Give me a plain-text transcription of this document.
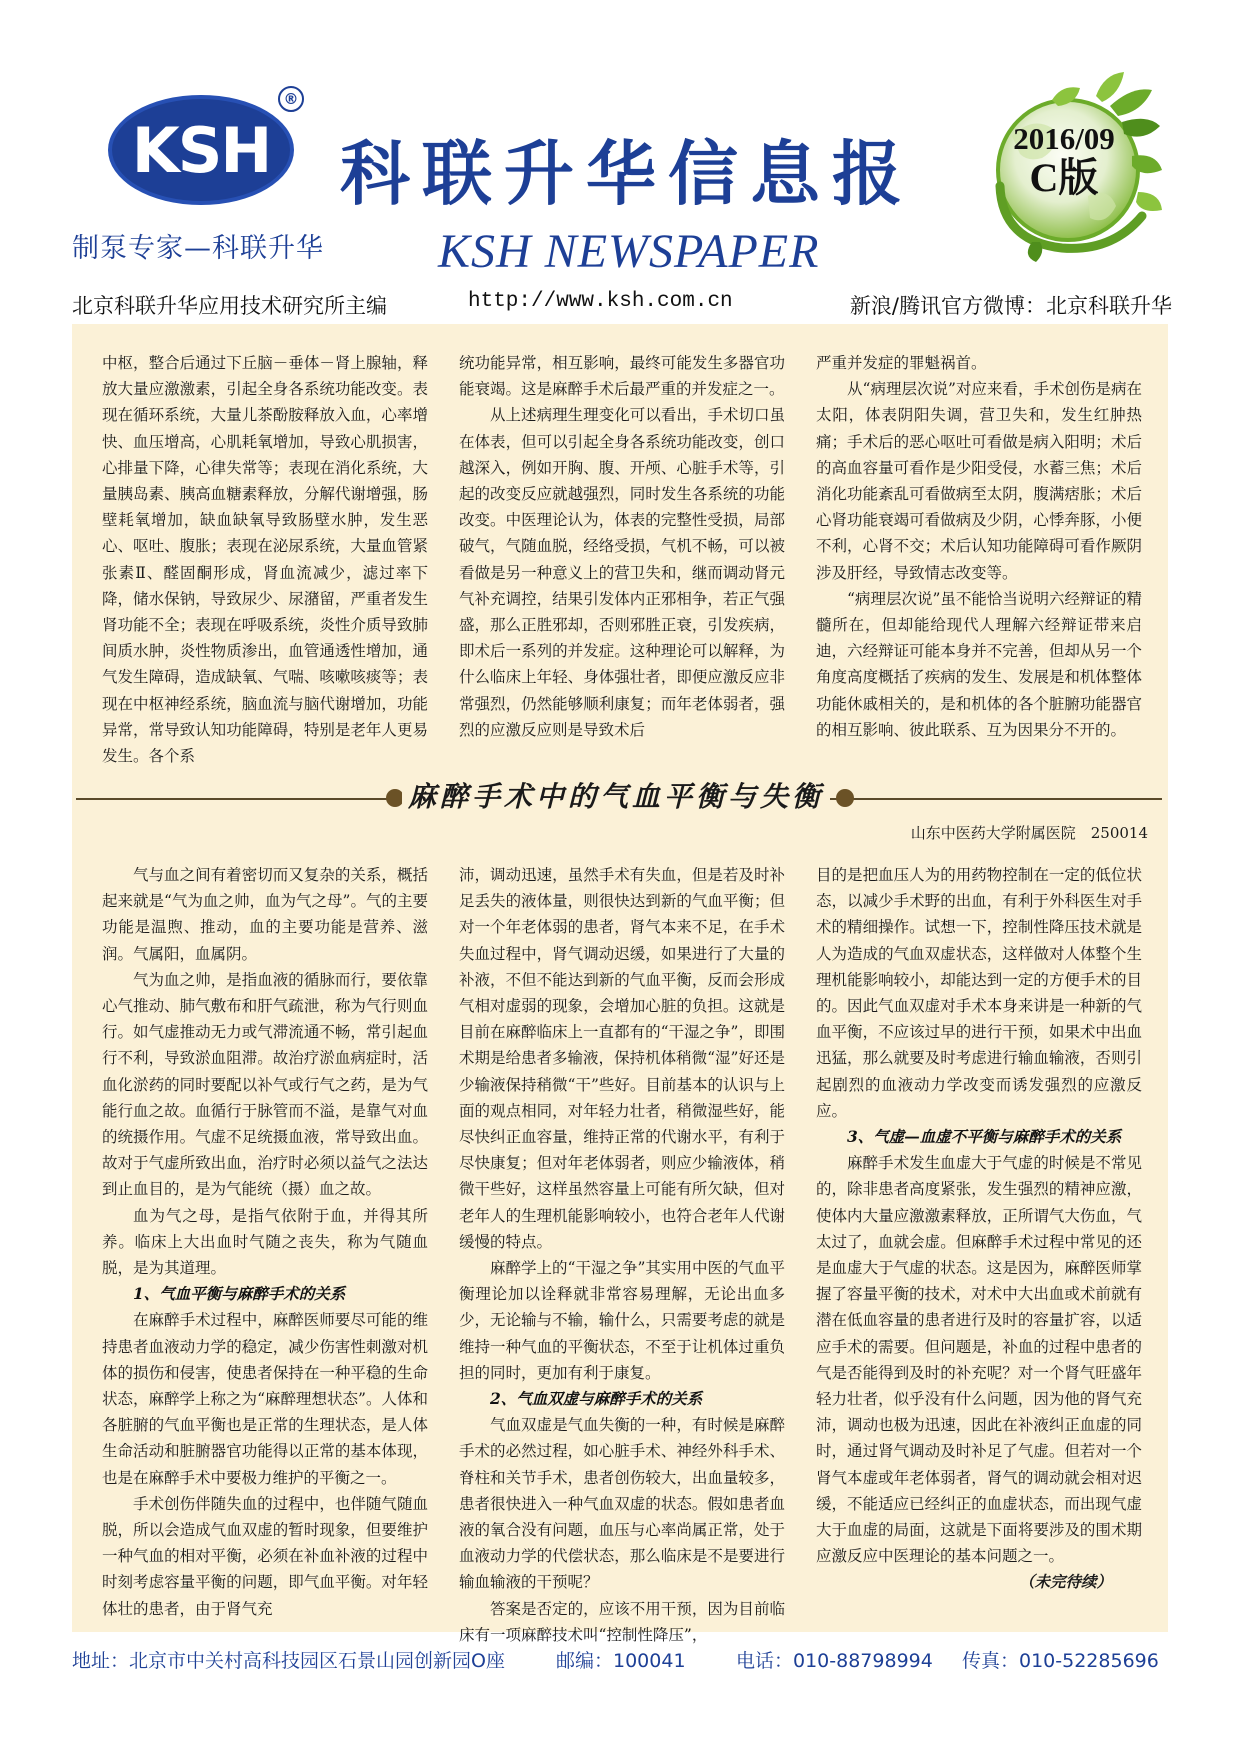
KSH
®
制泵专家—科联升华
科联升华信息报
KSH NEWSPAPER
2016/09
C版
北京科联升华应用技术研究所主编	http://www.ksh.com.cn	新浪/腾讯官方微博：北京科联升华

中枢，整合后通过下丘脑－垂体－肾上腺轴，释放大量应激激素，引起全身各系统功能改变。表现在循环系统，大量儿茶酚胺释放入血，心率增快、血压增高，心肌耗氧增加，导致心肌损害，心排量下降，心律失常等；表现在消化系统，大量胰岛素、胰高血糖素释放，分解代谢增强，肠壁耗氧增加，缺血缺氧导致肠壁水肿，发生恶心、呕吐、腹胀；表现在泌尿系统，大量血管紧张素Ⅱ、醛固酮形成，肾血流减少，滤过率下降，储水保钠，导致尿少、尿潴留，严重者发生肾功能不全；表现在呼吸系统，炎性介质导致肺间质水肿，炎性物质渗出，血管通透性增加，通气发生障碍，造成缺氧、气喘、咳嗽咳痰等；表现在中枢神经系统，脑血流与脑代谢增加，功能异常，常导致认知功能障碍，特别是老年人更易发生。各个系

统功能异常，相互影响，最终可能发生多器官功能衰竭。这是麻醉手术后最严重的并发症之一。

从上述病理生理变化可以看出，手术切口虽在体表，但可以引起全身各系统功能改变，创口越深入，例如开胸、腹、开颅、心脏手术等，引起的改变反应就越强烈，同时发生各系统的功能改变。中医理论认为，体表的完整性受损，局部破气，气随血脱，经络受损，气机不畅，可以被看做是另一种意义上的营卫失和，继而调动肾元气补充调控，结果引发体内正邪相争，若正气强盛，那么正胜邪却，否则邪胜正衰，引发疾病，即术后一系列的并发症。这种理论可以解释，为什么临床上年轻、身体强壮者，即便应激反应非常强烈，仍然能够顺利康复；而年老体弱者，强烈的应激反应则是导致术后

严重并发症的罪魁祸首。

从“病理层次说”对应来看，手术创伤是病在太阳，体表阴阳失调，营卫失和，发生红肿热痛；手术后的恶心呕吐可看做是病入阳明；术后的高血容量可看作是少阳受侵，水蓄三焦；术后消化功能紊乱可看做病至太阴，腹满痞胀；术后心肾功能衰竭可看做病及少阴，心悸奔豚，小便不利，心肾不交；术后认知功能障碍可看作厥阴涉及肝经，导致情志改变等。

“病理层次说”虽不能恰当说明六经辩证的精髓所在，但却能给现代人理解六经辩证带来启迪，六经辩证可能本身并不完善，但却从另一个角度高度概括了疾病的发生、发展是和机体整体功能休戚相关的，是和机体的各个脏腑功能器官的相互影响、彼此联系、互为因果分不开的。

麻醉手术中的气血平衡与失衡
山东中医药大学附属医院　250014

气与血之间有着密切而又复杂的关系，概括起来就是“气为血之帅，血为气之母”。气的主要功能是温煦、推动，血的主要功能是营养、滋润。气属阳，血属阴。

气为血之帅，是指血液的循脉而行，要依靠心气推动、肺气敷布和肝气疏泄，称为气行则血行。如气虚推动无力或气滞流通不畅，常引起血行不利，导致淤血阻滞。故治疗淤血病症时，活血化淤药的同时要配以补气或行气之药，是为气能行血之故。血循行于脉管而不溢，是靠气对血的统摄作用。气虚不足统摄血液，常导致出血。故对于气虚所致出血，治疗时必须以益气之法达到止血目的，是为气能统（摄）血之故。

血为气之母，是指气依附于血，并得其所养。临床上大出血时气随之丧失，称为气随血脱，是为其道理。

1、气血平衡与麻醉手术的关系

在麻醉手术过程中，麻醉医师要尽可能的维持患者血液动力学的稳定，减少伤害性刺激对机体的损伤和侵害，使患者保持在一种平稳的生命状态，麻醉学上称之为“麻醉理想状态”。人体和各脏腑的气血平衡也是正常的生理状态，是人体生命活动和脏腑器官功能得以正常的基本体现，也是在麻醉手术中要极力维护的平衡之一。

手术创伤伴随失血的过程中，也伴随气随血脱，所以会造成气血双虚的暂时现象，但要维护一种气血的相对平衡，必须在补血补液的过程中时刻考虑容量平衡的问题，即气血平衡。对年轻体壮的患者，由于肾气充

沛，调动迅速，虽然手术有失血，但是若及时补足丢失的液体量，则很快达到新的气血平衡；但对一个年老体弱的患者，肾气本来不足，在手术失血过程中，肾气调动迟缓，如果进行了大量的补液，不但不能达到新的气血平衡，反而会形成气相对虚弱的现象，会增加心脏的负担。这就是目前在麻醉临床上一直都有的“干湿之争”，即围术期是给患者多输液，保持机体稍微“湿”好还是少输液保持稍微“干”些好。目前基本的认识与上面的观点相同，对年轻力壮者，稍微湿些好，能尽快纠正血容量，维持正常的代谢水平，有利于尽快康复；但对年老体弱者，则应少输液体，稍微干些好，这样虽然容量上可能有所欠缺，但对老年人的生理机能影响较小，也符合老年人代谢缓慢的特点。

麻醉学上的“干湿之争”其实用中医的气血平衡理论加以诠释就非常容易理解，无论出血多少，无论输与不输，输什么，只需要考虑的就是维持一种气血的平衡状态，不至于让机体过重负担的同时，更加有利于康复。

2、气血双虚与麻醉手术的关系

气血双虚是气血失衡的一种，有时候是麻醉手术的必然过程，如心脏手术、神经外科手术、脊柱和关节手术，患者创伤较大，出血量较多，患者很快进入一种气血双虚的状态。假如患者血液的氧合没有问题，血压与心率尚属正常，处于血液动力学的代偿状态，那么临床是不是要进行输血输液的干预呢？

答案是否定的，应该不用干预，因为目前临床有一项麻醉技术叫“控制性降压”，

目的是把血压人为的用药物控制在一定的低位状态，以减少手术野的出血，有利于外科医生对手术的精细操作。试想一下，控制性降压技术就是人为造成的气血双虚状态，这样做对人体整个生理机能影响较小，却能达到一定的方便手术的目的。因此气血双虚对手术本身来讲是一种新的气血平衡，不应该过早的进行干预，如果术中出血迅猛，那么就要及时考虑进行输血输液，否则引起剧烈的血液动力学改变而诱发强烈的应激反应。

3、气虚—血虚不平衡与麻醉手术的关系

麻醉手术发生血虚大于气虚的时候是不常见的，除非患者高度紧张，发生强烈的精神应激，使体内大量应激激素释放，正所谓气大伤血，气太过了，血就会虚。但麻醉手术过程中常见的还是血虚大于气虚的状态。这是因为，麻醉医师掌握了容量平衡的技术，对术中大出血或术前就有潜在低血容量的患者进行及时的容量扩容，以适应手术的需要。但问题是，补血的过程中患者的气是否能得到及时的补充呢？对一个肾气旺盛年轻力壮者，似乎没有什么问题，因为他的肾气充沛，调动也极为迅速，因此在补液纠正血虚的同时，通过肾气调动及时补足了气虚。但若对一个肾气本虚或年老体弱者，肾气的调动就会相对迟缓，不能适应已经纠正的血虚状态，而出现气虚大于血虚的局面，这就是下面将要涉及的围术期应激反应中医理论的基本问题之一。

（未完待续）

地址：北京市中关村高科技园区石景山园创新园O座	邮编：100041	电话：010-88798994 传真：010-52285696
